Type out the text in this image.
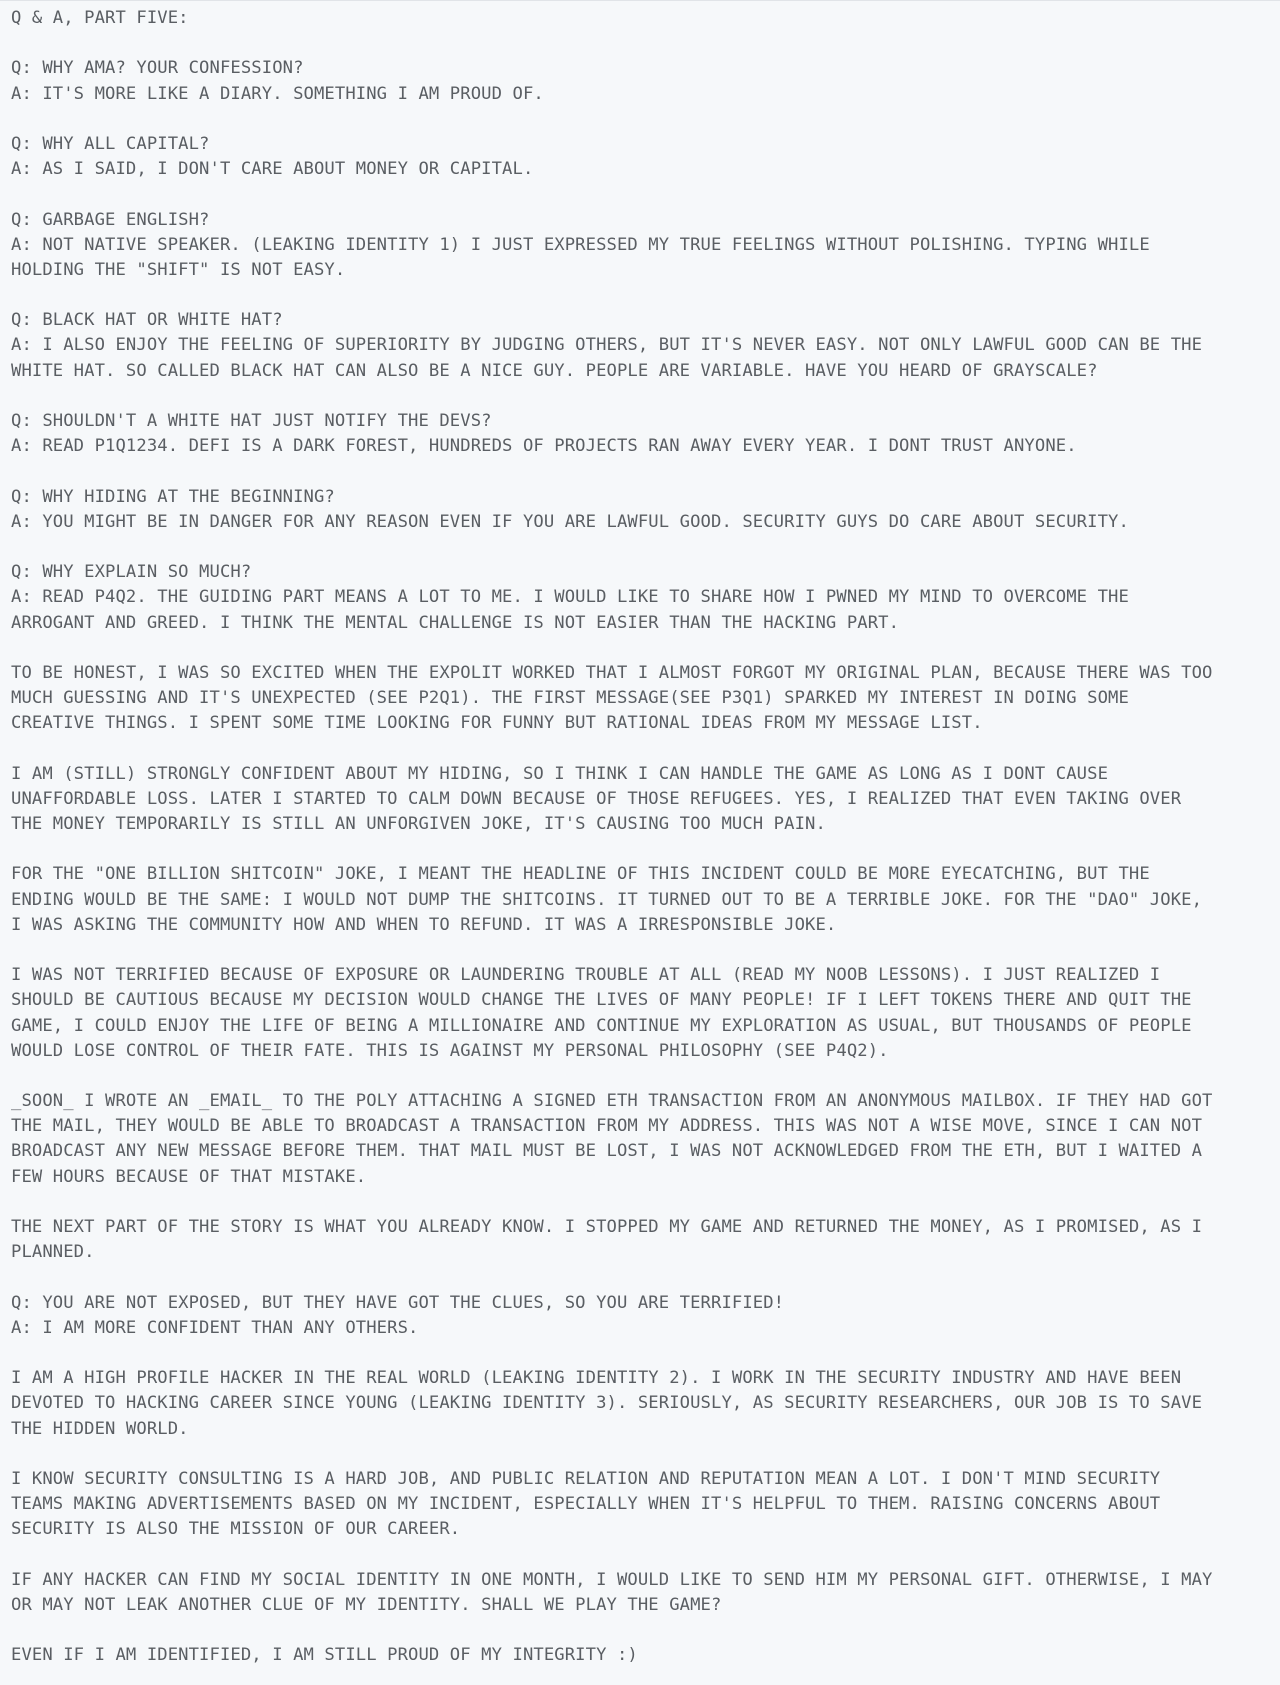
Q & A, PART FIVE:
Q: WHY AMA? YOUR CONFESSION?
A: IT'S MORE LIKE A DIARY. SOMETHING I AM PROUD OF.
Q: WHY ALL CAPITAL?
A: AS I SAID, I DON'T CARE ABOUT MONEY OR CAPITAL.
Q: GARBAGE ENGLISH?
A: NOT NATIVE SPEAKER. (LEAKING IDENTITY 1) I JUST EXPRESSED MY TRUE FEELINGS WITHOUT POLISHING. TYPING WHILE
HOLDING THE "SHIFT" IS NOT EASY.
Q: BLACK HAT OR WHITE HAT?
A: I ALSO ENJOY THE FEELING OF SUPERIORITY BY JUDGING OTHERS, BUT IT'S NEVER EASY. NOT ONLY LAWFUL GOOD CAN BE THE
WHITE HAT. SO CALLED BLACK HAT CAN ALSO BE A NICE GUY. PEOPLE ARE VARIABLE. HAVE YOU HEARD OF GRAYSCALE?
Q: SHOULDN'T A WHITE HAT JUST NOTIFY THE DEVS?
A: READ P1Q1234. DEFI IS A DARK FOREST, HUNDREDS OF PROJECTS RAN AWAY EVERY YEAR. I DONT TRUST ANYONE.
Q: WHY HIDING AT THE BEGINNING?
A: YOU MIGHT BE IN DANGER FOR ANY REASON EVEN IF YOU ARE LAWFUL GOOD. SECURITY GUYS DO CARE ABOUT SECURITY.
Q: WHY EXPLAIN SO MUCH?
A: READ P4Q2. THE GUIDING PART MEANS A LOT TO ME. I WOULD LIKE TO SHARE HOW I PWNED MY MIND TO OVERCOME THE
ARROGANT AND GREED. I THINK THE MENTAL CHALLENGE IS NOT EASIER THAN THE HACKING PART.
TO BE HONEST, I WAS SO EXCITED WHEN THE EXPOLIT WORKED THAT I ALMOST FORGOT MY ORIGINAL PLAN, BECAUSE THERE WAS TOO
MUCH GUESSING AND IT'S UNEXPECTED (SEE P2Q1). THE FIRST MESSAGE(SEE P3Q1) SPARKED MY INTEREST IN DOING SOME
CREATIVE THINGS. I SPENT SOME TIME LOOKING FOR FUNNY BUT RATIONAL IDEAS FROM MY MESSAGE LIST.
I AM (STILL) STRONGLY CONFIDENT ABOUT MY HIDING, SO I THINK I CAN HANDLE THE GAME AS LONG AS I DONT CAUSE
UNAFFORDABLE LOSS. LATER I STARTED TO CALM DOWN BECAUSE OF THOSE REFUGEES. YES, I REALIZED THAT EVEN TAKING OVER
THE MONEY TEMPORARILY IS STILL AN UNFORGIVEN JOKE, IT'S CAUSING TOO MUCH PAIN.
FOR THE "ONE BILLION SHITCOIN" JOKE, I MEANT THE HEADLINE OF THIS INCIDENT COULD BE MORE EYECATCHING, BUT THE
ENDING WOULD BE THE SAME: I WOULD NOT DUMP THE SHITCOINS. IT TURNED OUT TO BE A TERRIBLE JOKE. FOR THE "DAO" JOKE,
I WAS ASKING THE COMMUNITY HOW AND WHEN TO REFUND. IT WAS A IRRESPONSIBLE JOKE.
I WAS NOT TERRIFIED BECAUSE OF EXPOSURE OR LAUNDERING TROUBLE AT ALL (READ MY NOOB LESSONS). I JUST REALIZED I
SHOULD BE CAUTIOUS BECAUSE MY DECISION WOULD CHANGE THE LIVES OF MANY PEOPLE! IF I LEFT TOKENS THERE AND QUIT THE
GAME, I COULD ENJOY THE LIFE OF BEING A MILLIONAIRE AND CONTINUE MY EXPLORATION AS USUAL, BUT THOUSANDS OF PEOPLE
WOULD LOSE CONTROL OF THEIR FATE. THIS IS AGAINST MY PERSONAL PHILOSOPHY (SEE P4Q2).
_SOON_ I WROTE AN _EMAIL_ TO THE POLY ATTACHING A SIGNED ETH TRANSACTION FROM AN ANONYMOUS MAILBOX. IF THEY HAD GOT
THE MAIL, THEY WOULD BE ABLE TO BROADCAST A TRANSACTION FROM MY ADDRESS. THIS WAS NOT A WISE MOVE, SINCE I CAN NOT
BROADCAST ANY NEW MESSAGE BEFORE THEM. THAT MAIL MUST BE LOST, I WAS NOT ACKNOWLEDGED FROM THE ETH, BUT I WAITED A
FEW HOURS BECAUSE OF THAT MISTAKE.
THE NEXT PART OF THE STORY IS WHAT YOU ALREADY KNOW. I STOPPED MY GAME AND RETURNED THE MONEY, AS I PROMISED, AS I
PLANNED.
Q: YOU ARE NOT EXPOSED, BUT THEY HAVE GOT THE CLUES, SO YOU ARE TERRIFIED!
A: I AM MORE CONFIDENT THAN ANY OTHERS.
I AM A HIGH PROFILE HACKER IN THE REAL WORLD (LEAKING IDENTITY 2). I WORK IN THE SECURITY INDUSTRY AND HAVE BEEN
DEVOTED TO HACKING CAREER SINCE YOUNG (LEAKING IDENTITY 3). SERIOUSLY, AS SECURITY RESEARCHERS, OUR JOB IS TO SAVE
THE HIDDEN WORLD.
I KNOW SECURITY CONSULTING IS A HARD JOB, AND PUBLIC RELATION AND REPUTATION MEAN A LOT. I DON'T MIND SECURITY
TEAMS MAKING ADVERTISEMENTS BASED ON MY INCIDENT, ESPECIALLY WHEN IT'S HELPFUL TO THEM. RAISING CONCERNS ABOUT
SECURITY IS ALSO THE MISSION OF OUR CAREER.
IF ANY HACKER CAN FIND MY SOCIAL IDENTITY IN ONE MONTH, I WOULD LIKE TO SEND HIM MY PERSONAL GIFT. OTHERWISE, I MAY
OR MAY NOT LEAK ANOTHER CLUE OF MY IDENTITY. SHALL WE PLAY THE GAME?
EVEN IF I AM IDENTIFIED, I AM STILL PROUD OF MY INTEGRITY :)
